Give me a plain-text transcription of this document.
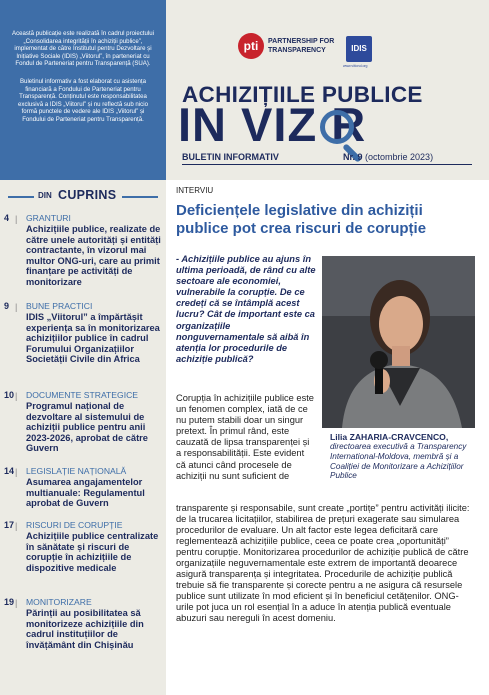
Această publicație este realizată în cadrul proiectului „Consolidarea integrității în achiziții publice”, implementat de către Institutul pentru Dezvoltare și Inițiative Sociale (IDIS) „Viitorul”, în parteneriat cu Fondul de Parteneriat pentru Transparență (SUA).

Buletinul informativ a fost elaborat cu asistența financiară a Fondului de Parteneriat pentru Transparență. Conținutul este responsabilitatea exclusivă a IDIS „Viitorul” și nu reflectă sub nicio formă punctele de vedere ale IDIS „Viitorul” și Fondului de Parteneriat pentru Transparență.

pti	PARTNERSHIP FOR
TRANSPARENCY	IDIS
www.viitorul.org
ACHIZIȚIILE PUBLICE
IN VIZ R
BULETIN INFORMATIV	Nr. 9 (octombrie 2023)
DIN CUPRINS
4 | GRANTURI
Achizițiile publice, realizate de către unele autorități și entități contractante, în vizorul mai multor ONG-uri, care au primit finanțare pe activități de monitorizare
9 | BUNE PRACTICI
IDIS „Viitorul” a împărtășit experiența sa în monitorizarea achizițiilor publice în cadrul Forumului Organizațiilor Societății Civile din Africa
10 | DOCUMENTE STRATEGICE
Programul național de dezvoltare al sistemului de achiziții publice pentru anii 2023-2026, aprobat de către Guvern
14 | LEGISLAȚIE NAȚIONALĂ
Asumarea angajamentelor multianuale: Regulamentul aprobat de Guvern
17 | RISCURI DE CORUPȚIE
Achizițiile publice centralizate în sănătate și riscuri de corupție în achizițiile de dispozitive medicale
19 | MONITORIZARE
Părinții au posibilitatea să monitorizeze achizițiile din cadrul instituțiilor de învățământ din Chișinău
INTERVIU
Deficiențele legislative din achiziții publice pot crea riscuri de corupție
- Achizițiile publice au ajuns în ultima perioadă, de rând cu alte sectoare ale economiei, vulnerabile la corupție. De ce credeți că se întâmplă acest lucru? Cât de important este ca organizațiile nonguvernamentale să aibă în atenția lor procedurile de achiziție publică?
Lilia ZAHARIA-CRAVCENCO,
directoarea executivă a Transparency International-Moldova, membră și a Coaliției de Monitorizare a Achizițiilor Publice

Corupția în achizițiile publice este un fenomen complex, iată de ce nu putem stabili doar un singur pretext. În primul rând, este cauzată de lipsa transparenței și a responsabilității. Este evident că atunci când procesele de achiziții nu sunt suficient de

transparente și responsabile, sunt create „portițe” pentru activități ilicite: de la trucarea licitațiilor, stabilirea de prețuri exagerate sau simularea procedurilor de evaluare. Un alt factor este legea deficitară care reglementează achizițiile publice, ceea ce poate crea „oportunități” pentru corupție. Monitorizarea procedurilor de achiziție publică de către organizațiile neguvernamentale este extrem de importantă deoarece asigură transparența și integritatea. Procedurile de achiziție publică trebuie să fie transparente și corecte pentru a ne asigura că resursele publice sunt utilizate în mod eficient și în beneficiul cetățenilor. ONG-urile pot juca un rol esențial în a aduce în atenția publică eventuale abuzuri sau nereguli în acest domeniu.
